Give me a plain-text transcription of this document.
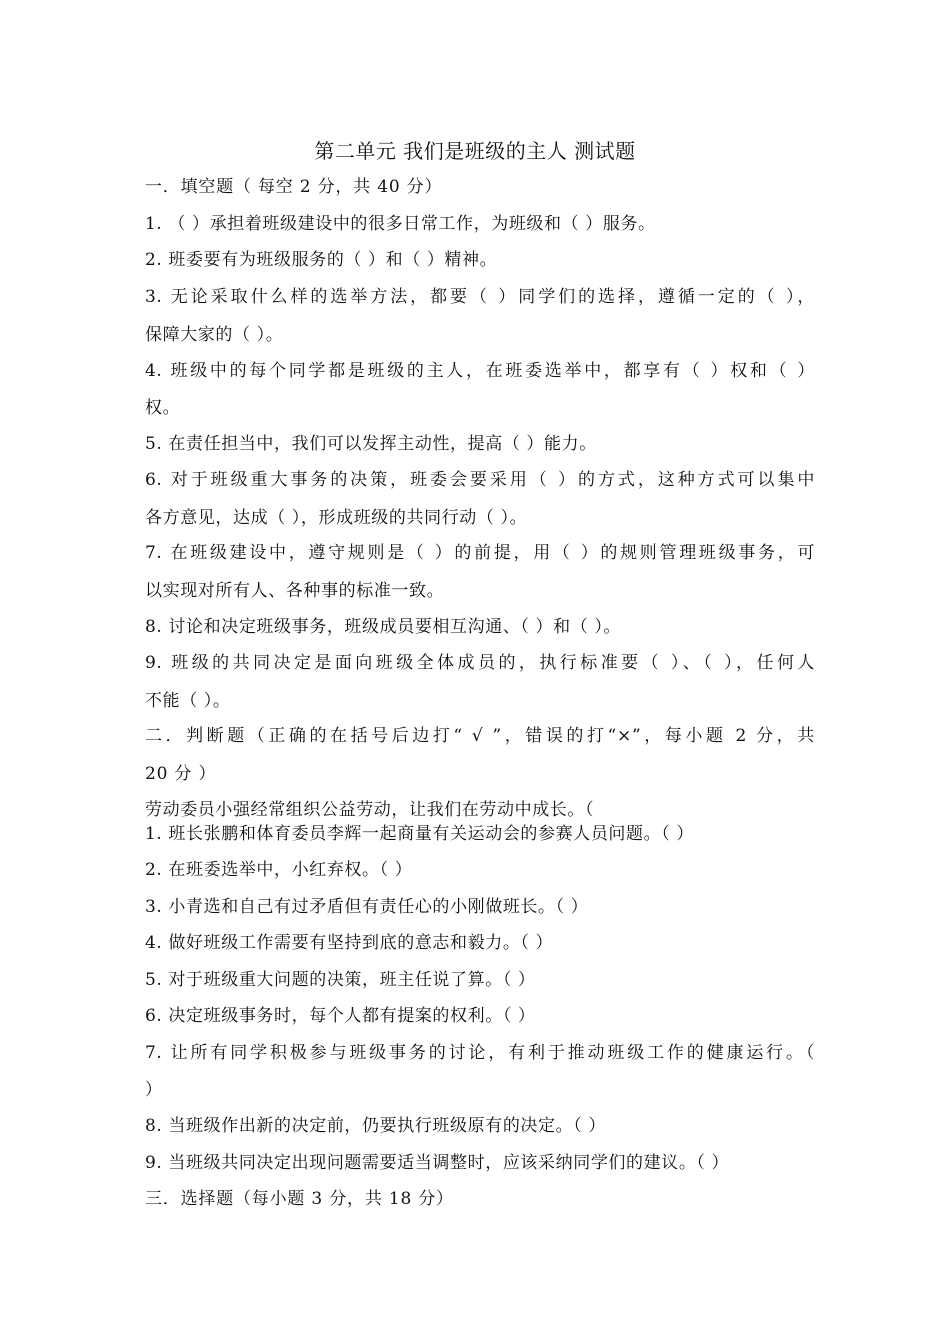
第二单元 我们是班级的主人 测试题
一．填空题（ 每空 2 分，共 40 分）
1. （ ）承担着班级建设中的很多日常工作，为班级和（ ）服务。
2. 班委要有为班级服务的（ ）和（ ）精神。
3. 无论采取什么样的选举方法，都要（ ）同学们的选择，遵循一定的（ ），
保障大家的（ ）。
4. 班级中的每个同学都是班级的主人，在班委选举中，都享有（ ）权和（ ）
权。
5. 在责任担当中，我们可以发挥主动性，提高（ ）能力。
6. 对于班级重大事务的决策，班委会要采用（ ）的方式，这种方式可以集中
各方意见，达成（ ），形成班级的共同行动（ ）。
7. 在班级建设中，遵守规则是（ ）的前提，用（ ）的规则管理班级事务，可
以实现对所有人、各种事的标准一致。
8. 讨论和决定班级事务，班级成员要相互沟通、（ ）和（ ）。
9. 班级的共同决定是面向班级全体成员的，执行标准要（ ）、（ ），任何人
不能（ ）。
二．判断题（正确的在括号后边打“ √ ”，错误的打“×”，每小题 2 分，共
20 分 ）
劳动委员小强经常组织公益劳动，让我们在劳动中成长。（
1. 班长张鹏和体育委员李辉一起商量有关运动会的参赛人员问题。（ ）
2. 在班委选举中，小红弃权。（ ）
3. 小青选和自己有过矛盾但有责任心的小刚做班长。（ ）
4. 做好班级工作需要有坚持到底的意志和毅力。（ ）
5. 对于班级重大问题的决策，班主任说了算。（ ）
6. 决定班级事务时，每个人都有提案的权利。（ ）
7. 让所有同学积极参与班级事务的讨论，有利于推动班级工作的健康运行。（
）
8. 当班级作出新的决定前，仍要执行班级原有的决定。（ ）
9. 当班级共同决定出现问题需要适当调整时，应该采纳同学们的建议。（ ）
三．选择题（每小题 3 分，共 18 分）
